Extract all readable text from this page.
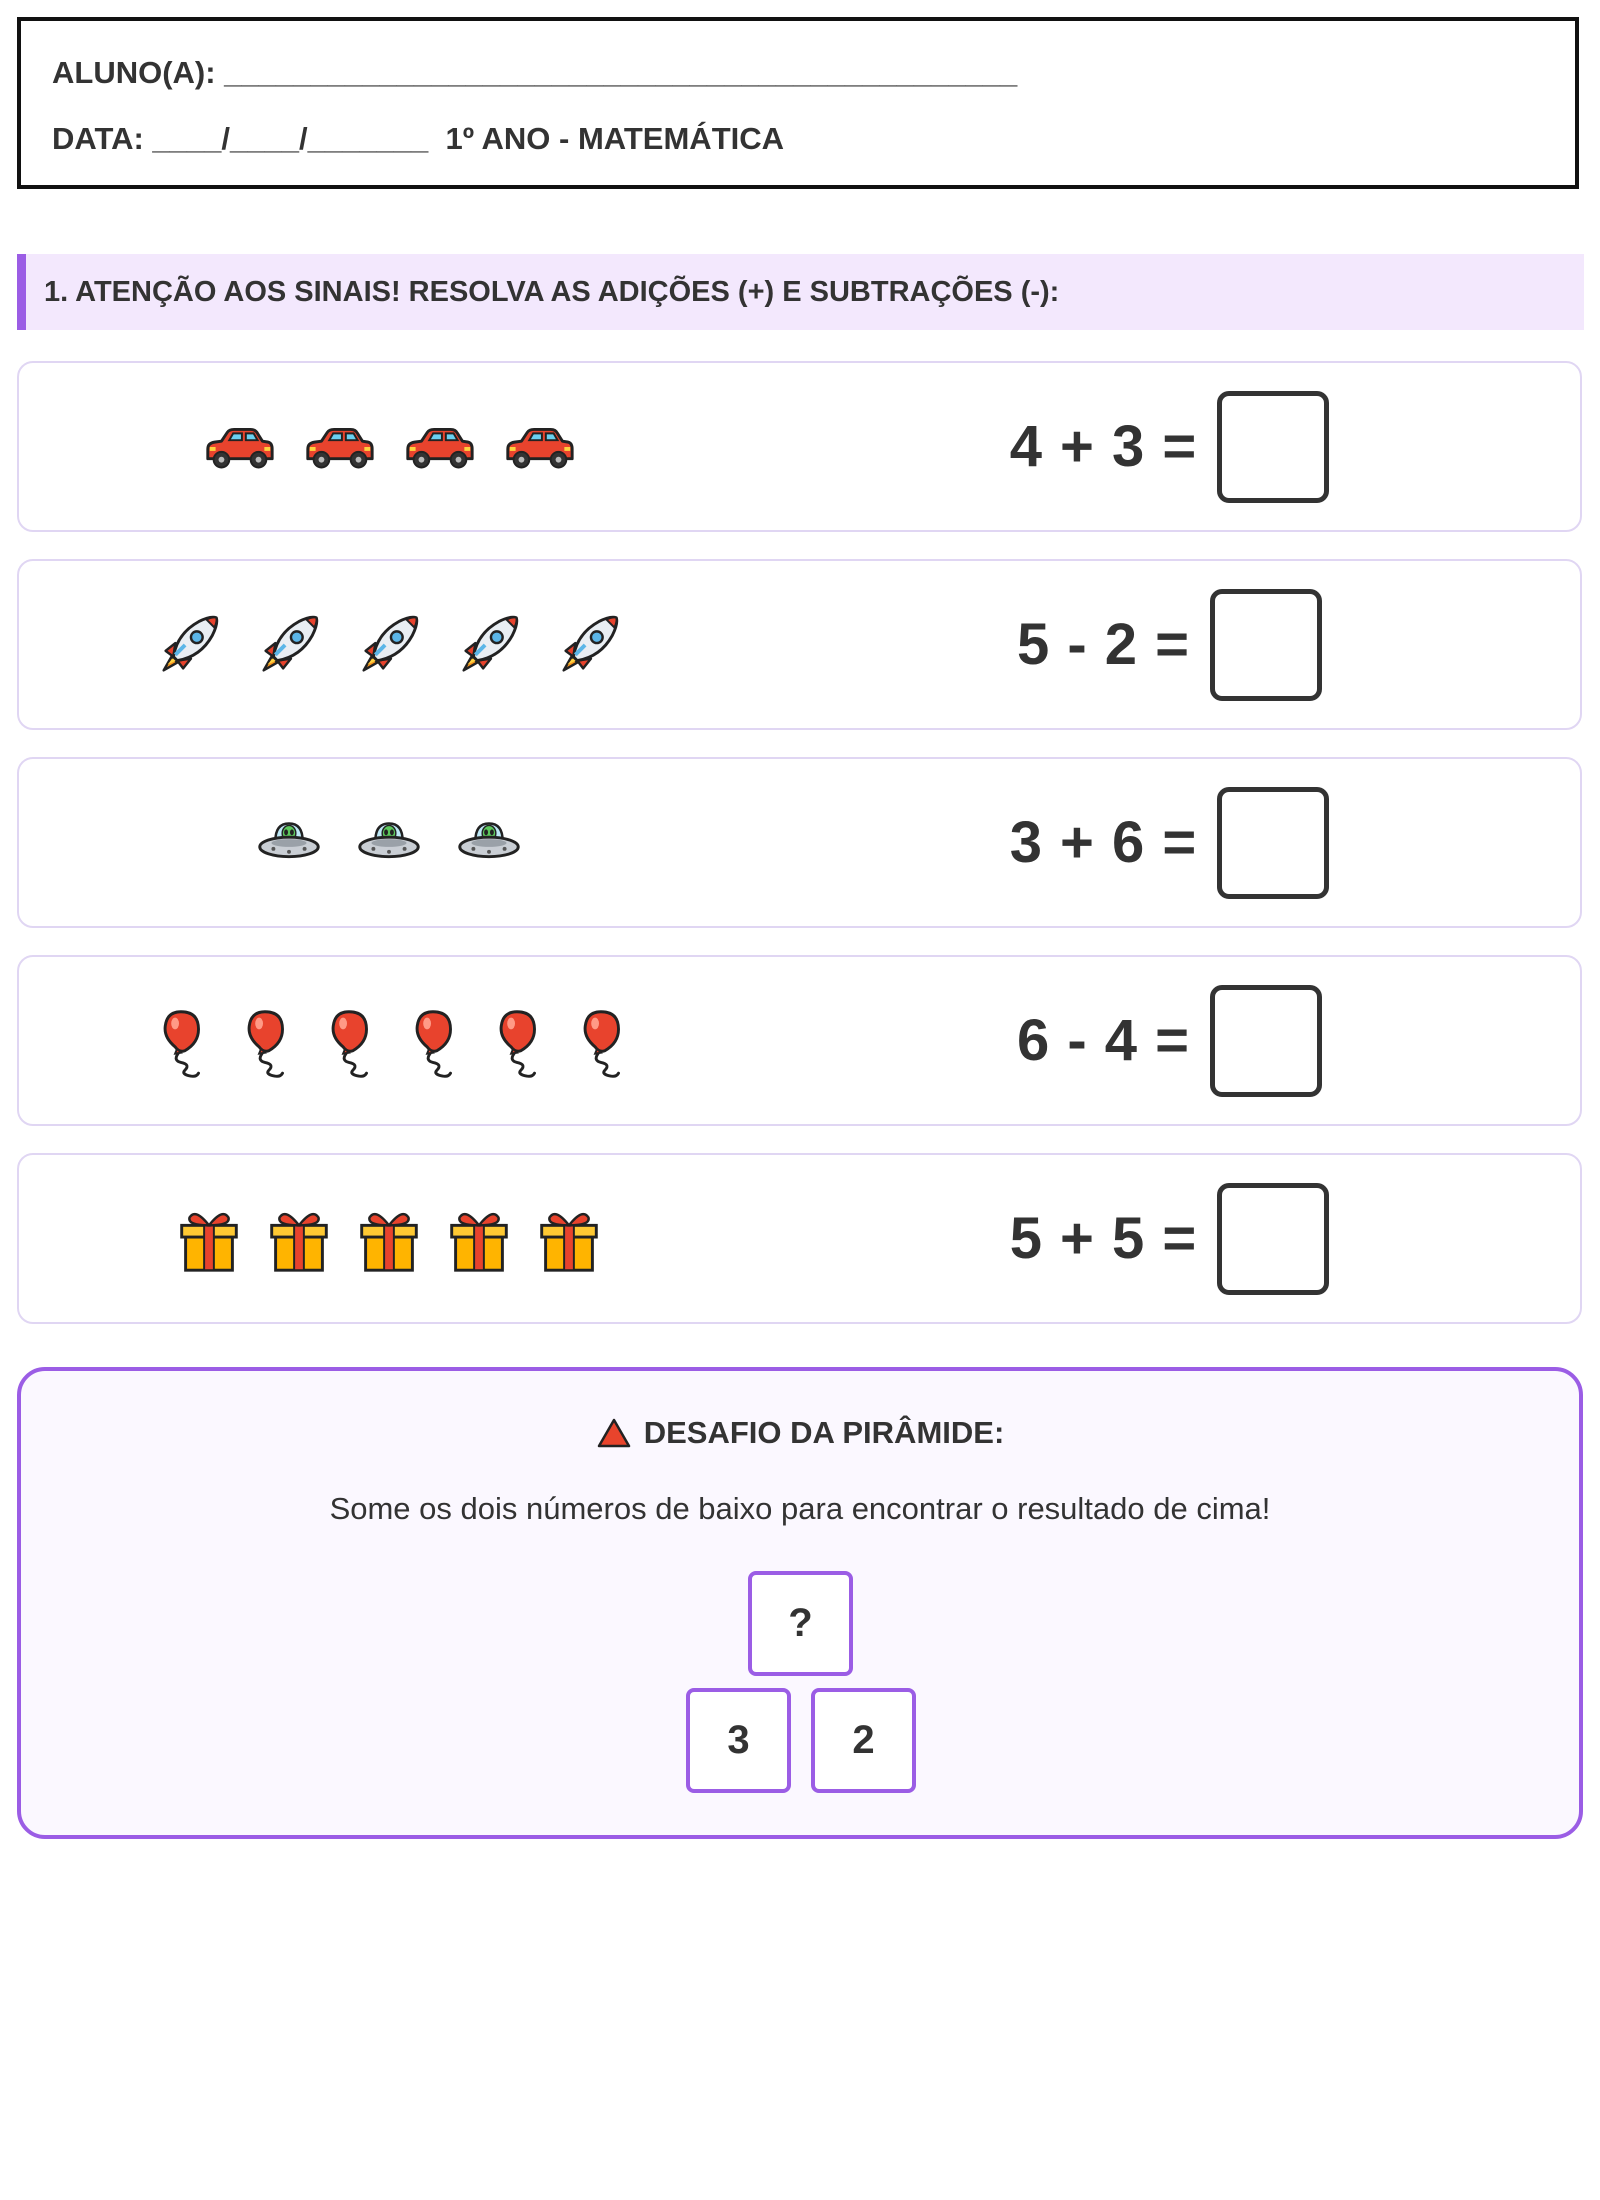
ALUNO(A): ______________________________________________
DATA: ____/____/_______  1º ANO - MATEMÁTICA
1. ATENÇÃO AOS SINAIS! RESOLVA AS ADIÇÕES (+) E SUBTRAÇÕES (-):
4 + 3 =
5 - 2 =
3 + 6 =
6 - 4 =
5 + 5 =
DESAFIO DA PIRÂMIDE:
Some os dois números de baixo para encontrar o resultado de cima!
?
3	2
